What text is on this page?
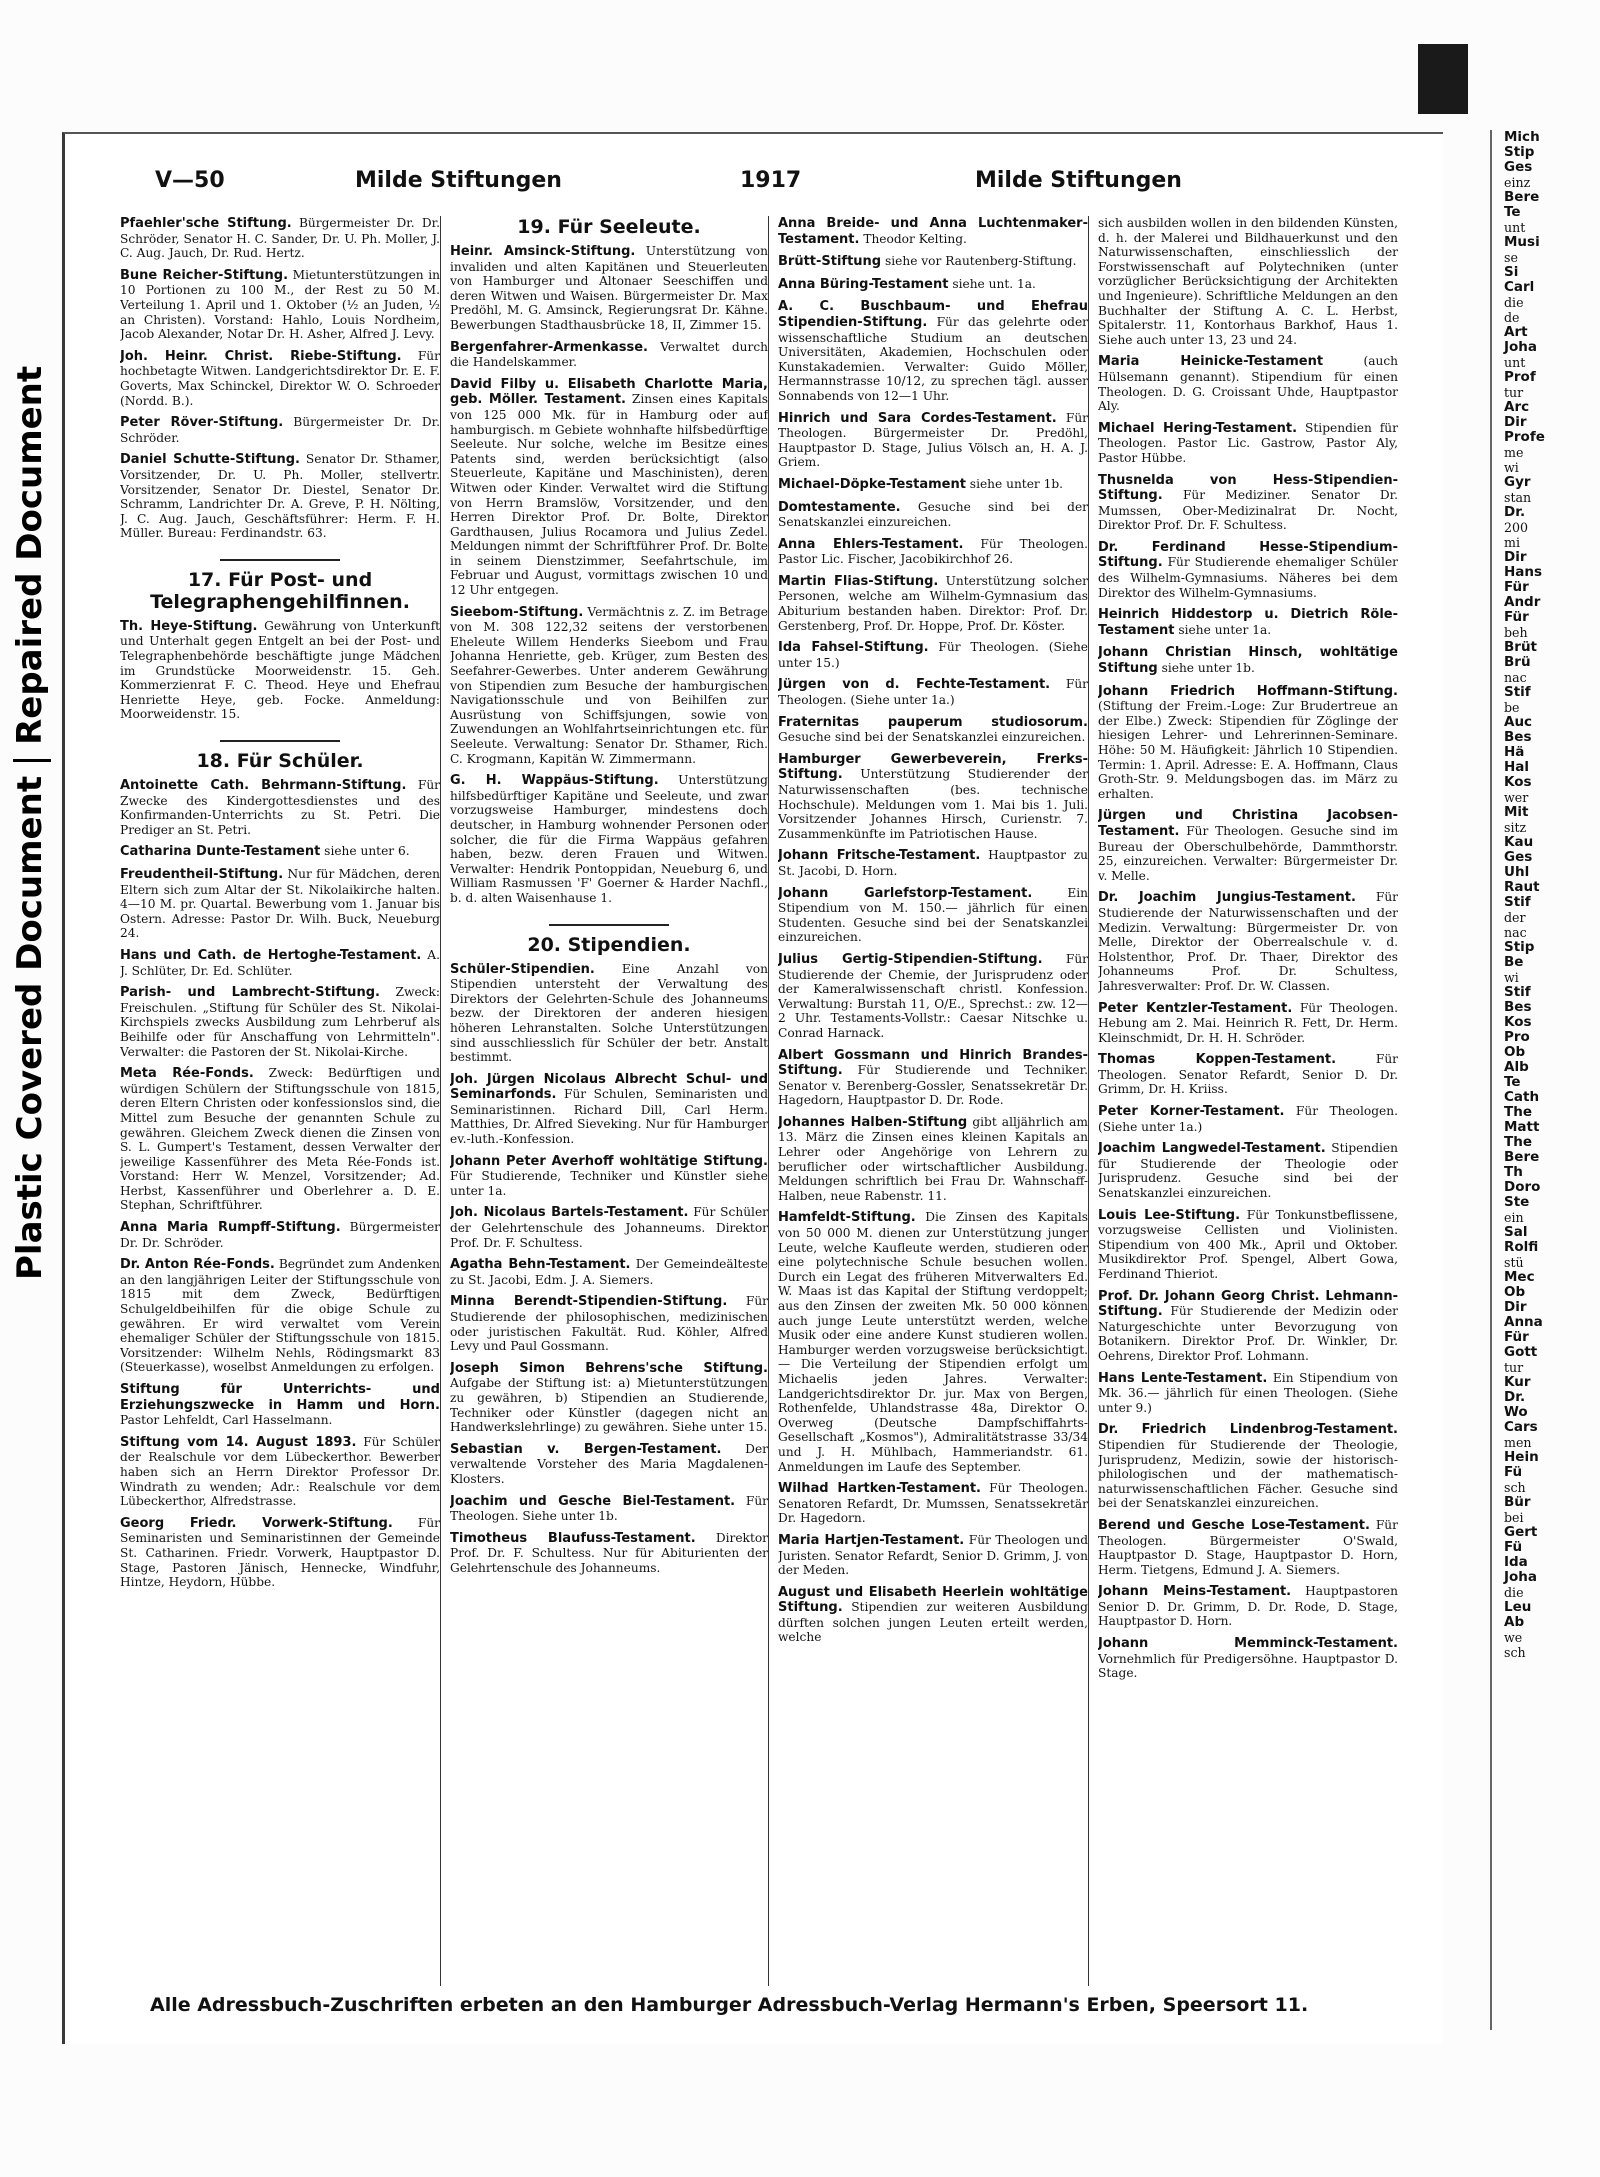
Plastic Covered DocumentRepaired Document
V—50	Milde Stiftungen	1917	Milde Stiftungen

Pfaehler'sche Stiftung. Bürgermeister Dr. Dr. Schröder, Senator H. C. Sander, Dr. U. Ph. Moller, J. C. Aug. Jauch, Dr. Rud. Hertz.

Bune Reicher-Stiftung. Mietunterstützungen in 10 Portionen zu 100 M., der Rest zu 50 M. Verteilung 1. April und 1. Oktober (½ an Juden, ½ an Christen). Vorstand: Hahlo, Louis Nordheim, Jacob Alexander, Notar Dr. H. Asher, Alfred J. Levy.

Joh. Heinr. Christ. Riebe-Stiftung. Für hochbetagte Witwen. Landgerichtsdirektor Dr. E. F. Goverts, Max Schinckel, Direktor W. O. Schroeder (Nordd. B.).

Peter Röver-Stiftung. Bürgermeister Dr. Dr. Schröder.

Daniel Schutte-Stiftung. Senator Dr. Sthamer, Vorsitzender, Dr. U. Ph. Moller, stellvertr. Vorsitzender, Senator Dr. Diestel, Senator Dr. Schramm, Landrichter Dr. A. Greve, P. H. Nölting, J. C. Aug. Jauch, Geschäftsführer: Herm. F. H. Müller. Bureau: Ferdinandstr. 63.

17. Für Post- und Telegraphengehilfinnen.

Th. Heye-Stiftung. Gewährung von Unterkunft und Unterhalt gegen Entgelt an bei der Post- und Telegraphenbehörde beschäftigte junge Mädchen im Grundstücke Moorweidenstr. 15. Geh. Kommerzienrat F. C. Theod. Heye und Ehefrau Henriette Heye, geb. Focke. Anmeldung: Moorweidenstr. 15.

18. Für Schüler.

Antoinette Cath. Behrmann-Stiftung. Für Zwecke des Kindergottesdienstes und des Konfirmanden-Unterrichts zu St. Petri. Die Prediger an St. Petri.

Catharina Dunte-Testament siehe unter 6.

Freudentheil-Stiftung. Nur für Mädchen, deren Eltern sich zum Altar der St. Nikolaikirche halten. 4—10 M. pr. Quartal. Bewerbung vom 1. Januar bis Ostern. Adresse: Pastor Dr. Wilh. Buck, Neueburg 24.

Hans und Cath. de Hertoghe-Testament. A. J. Schlüter, Dr. Ed. Schlüter.

Parish- und Lambrecht-Stiftung. Zweck: Freischulen. „Stiftung für Schüler des St. Nikolai-Kirchspiels zwecks Ausbildung zum Lehrberuf als Beihilfe oder für Anschaffung von Lehrmitteln". Verwalter: die Pastoren der St. Nikolai-Kirche.

Meta Rée-Fonds. Zweck: Bedürftigen und würdigen Schülern der Stiftungsschule von 1815, deren Eltern Christen oder konfessionslos sind, die Mittel zum Besuche der genannten Schule zu gewähren. Gleichem Zweck dienen die Zinsen von S. L. Gumpert's Testament, dessen Verwalter der jeweilige Kassenführer des Meta Rée-Fonds ist. Vorstand: Herr W. Menzel, Vorsitzender; Ad. Herbst, Kassenführer und Oberlehrer a. D. E. Stephan, Schriftführer.

Anna Maria Rumpff-Stiftung. Bürgermeister Dr. Dr. Schröder.

Dr. Anton Rée-Fonds. Begründet zum Andenken an den langjährigen Leiter der Stiftungsschule von 1815 mit dem Zweck, Bedürftigen Schulgeldbeihilfen für die obige Schule zu gewähren. Er wird verwaltet vom Verein ehemaliger Schüler der Stiftungsschule von 1815. Vorsitzender: Wilhelm Nehls, Rödingsmarkt 83 (Steuerkasse), woselbst Anmeldungen zu erfolgen.

Stiftung für Unterrichts- und Erziehungszwecke in Hamm und Horn. Pastor Lehfeldt, Carl Hasselmann.

Stiftung vom 14. August 1893. Für Schüler der Realschule vor dem Lübeckerthor. Bewerber haben sich an Herrn Direktor Professor Dr. Windrath zu wenden; Adr.: Realschule vor dem Lübeckerthor, Alfredstrasse.

Georg Friedr. Vorwerk-Stiftung. Für Seminaristen und Seminaristinnen der Gemeinde St. Catharinen. Friedr. Vorwerk, Hauptpastor D. Stage, Pastoren Jänisch, Hennecke, Windfuhr, Hintze, Heydorn, Hübbe.

19. Für Seeleute.

Heinr. Amsinck-Stiftung. Unterstützung von invaliden und alten Kapitänen und Steuerleuten von Hamburger und Altonaer Seeschiffen und deren Witwen und Waisen. Bürgermeister Dr. Max Predöhl, M. G. Amsinck, Regierungsrat Dr. Kähne. Bewerbungen Stadthausbrücke 18, II, Zimmer 15.

Bergenfahrer-Armenkasse. Verwaltet durch die Handelskammer.

David Filby u. Elisabeth Charlotte Maria, geb. Möller. Testament. Zinsen eines Kapitals von 125 000 Mk. für in Hamburg oder auf hamburgisch. m Gebiete wohnhafte hilfsbedürftige Seeleute. Nur solche, welche im Besitze eines Patents sind, werden berücksichtigt (also Steuerleute, Kapitäne und Maschinisten), deren Witwen oder Kinder. Verwaltet wird die Stiftung von Herrn Bramslöw, Vorsitzender, und den Herren Direktor Prof. Dr. Bolte, Direktor Gardthausen, Julius Rocamora und Julius Zedel. Meldungen nimmt der Schriftführer Prof. Dr. Bolte in seinem Dienstzimmer, Seefahrtschule, im Februar und August, vormittags zwischen 10 und 12 Uhr entgegen.

Sieebom-Stiftung. Vermächtnis z. Z. im Betrage von M. 308 122,32 seitens der verstorbenen Eheleute Willem Henderks Sieebom und Frau Johanna Henriette, geb. Krüger, zum Besten des Seefahrer-Gewerbes. Unter anderem Gewährung von Stipendien zum Besuche der hamburgischen Navigationsschule und von Beihilfen zur Ausrüstung von Schiffsjungen, sowie von Zuwendungen an Wohlfahrtseinrichtungen etc. für Seeleute. Verwaltung: Senator Dr. Sthamer, Rich. C. Krogmann, Kapitän W. Zimmermann.

G. H. Wappäus-Stiftung. Unterstützung hilfsbedürftiger Kapitäne und Seeleute, und zwar vorzugsweise Hamburger, mindestens doch deutscher, in Hamburg wohnender Personen oder solcher, die für die Firma Wappäus gefahren haben, bezw. deren Frauen und Witwen. Verwalter: Hendrik Pontoppidan, Neueburg 6, und William Rasmussen 'F' Goerner & Harder Nachfl., b. d. alten Waisenhause 1.

20. Stipendien.

Schüler-Stipendien. Eine Anzahl von Stipendien untersteht der Verwaltung des Direktors der Gelehrten-Schule des Johanneums bezw. der Direktoren der anderen hiesigen höheren Lehranstalten. Solche Unterstützungen sind ausschliesslich für Schüler der betr. Anstalt bestimmt.

Joh. Jürgen Nicolaus Albrecht Schul- und Seminarfonds. Für Schulen, Seminaristen und Seminaristinnen. Richard Dill, Carl Herm. Matthies, Dr. Alfred Sieveking. Nur für Hamburger ev.-luth.-Konfession.

Johann Peter Averhoff wohltätige Stiftung. Für Studierende, Techniker und Künstler siehe unter 1a.

Joh. Nicolaus Bartels-Testament. Für Schüler der Gelehrtenschule des Johanneums. Direktor Prof. Dr. F. Schultess.

Agatha Behn-Testament. Der Gemeindeälteste zu St. Jacobi, Edm. J. A. Siemers.

Minna Berendt-Stipendien-Stiftung. Für Studierende der philosophischen, medizinischen oder juristischen Fakultät. Rud. Köhler, Alfred Levy und Paul Gossmann.

Joseph Simon Behrens'sche Stiftung. Aufgabe der Stiftung ist: a) Mietunterstützungen zu gewähren, b) Stipendien an Studierende, Techniker oder Künstler (dagegen nicht an Handwerkslehrlinge) zu gewähren. Siehe unter 15.

Sebastian v. Bergen-Testament. Der verwaltende Vorsteher des Maria Magdalenen-Klosters.

Joachim und Gesche Biel-Testament. Für Theologen. Siehe unter 1b.

Timotheus Blaufuss-Testament. Direktor Prof. Dr. F. Schultess. Nur für Abiturienten der Gelehrtenschule des Johanneums.

Anna Breide- und Anna Luchtenmaker-Testament. Theodor Kelting.

Brütt-Stiftung siehe vor Rautenberg-Stiftung.

Anna Büring-Testament siehe unt. 1a.

A. C. Buschbaum- und Ehefrau Stipendien-Stiftung. Für das gelehrte oder wissenschaftliche Studium an deutschen Universitäten, Akademien, Hochschulen oder Kunstakademien. Verwalter: Guido Möller, Hermannstrasse 10/12, zu sprechen tägl. ausser Sonnabends von 12—1 Uhr.

Hinrich und Sara Cordes-Testament. Für Theologen. Bürgermeister Dr. Predöhl, Hauptpastor D. Stage, Julius Völsch an, H. A. J. Griem.

Michael-Döpke-Testament siehe unter 1b.

Domtestamente. Gesuche sind bei der Senatskanzlei einzureichen.

Anna Ehlers-Testament. Für Theologen. Pastor Lic. Fischer, Jacobikirchhof 26.

Martin Flias-Stiftung. Unterstützung solcher Personen, welche am Wilhelm-Gymnasium das Abiturium bestanden haben. Direktor: Prof. Dr. Gerstenberg, Prof. Dr. Hoppe, Prof. Dr. Köster.

Ida Fahsel-Stiftung. Für Theologen. (Siehe unter 15.)

Jürgen von d. Fechte-Testament. Für Theologen. (Siehe unter 1a.)

Fraternitas pauperum studiosorum. Gesuche sind bei der Senatskanzlei einzureichen.

Hamburger Gewerbeverein, Frerks-Stiftung. Unterstützung Studierender der Naturwissenschaften (bes. technische Hochschule). Meldungen vom 1. Mai bis 1. Juli. Vorsitzender Johannes Hirsch, Curienstr. 7. Zusammenkünfte im Patriotischen Hause.

Johann Fritsche-Testament. Hauptpastor zu St. Jacobi, D. Horn.

Johann Garlefstorp-Testament. Ein Stipendium von M. 150.— jährlich für einen Studenten. Gesuche sind bei der Senatskanzlei einzureichen.

Julius Gertig-Stipendien-Stiftung. Für Studierende der Chemie, der Jurisprudenz oder der Kameralwissenschaft christl. Konfession. Verwaltung: Burstah 11, O/E., Sprechst.: zw. 12—2 Uhr. Testaments-Vollstr.: Caesar Nitschke u. Conrad Harnack.

Albert Gossmann und Hinrich Brandes-Stiftung. Für Studierende und Techniker. Senator v. Berenberg-Gossler, Senatssekretär Dr. Hagedorn, Hauptpastor D. Dr. Rode.

Johannes Halben-Stiftung gibt alljährlich am 13. März die Zinsen eines kleinen Kapitals an Lehrer oder Angehörige von Lehrern zu beruflicher oder wirtschaftlicher Ausbildung. Meldungen schriftlich bei Frau Dr. Wahnschaff-Halben, neue Rabenstr. 11.

Hamfeldt-Stiftung. Die Zinsen des Kapitals von 50 000 M. dienen zur Unterstützung junger Leute, welche Kaufleute werden, studieren oder eine polytechnische Schule besuchen wollen. Durch ein Legat des früheren Mitverwalters Ed. W. Maas ist das Kapital der Stiftung verdoppelt; aus den Zinsen der zweiten Mk. 50 000 können auch junge Leute unterstützt werden, welche Musik oder eine andere Kunst studieren wollen. Hamburger werden vorzugsweise berücksichtigt. — Die Verteilung der Stipendien erfolgt um Michaelis jeden Jahres. Verwalter: Landgerichtsdirektor Dr. jur. Max von Bergen, Rothenfelde, Uhlandstrasse 48a, Direktor O. Overweg (Deutsche Dampfschiffahrts-Gesellschaft „Kosmos"), Admiralitätstrasse 33/34 und J. H. Mühlbach, Hammeriandstr. 61. Anmeldungen im Laufe des September.

Wilhad Hartken-Testament. Für Theologen. Senatoren Refardt, Dr. Mumssen, Senatssekretär Dr. Hagedorn.

Maria Hartjen-Testament. Für Theologen und Juristen. Senator Refardt, Senior D. Grimm, J. von der Meden.

August und Elisabeth Heerlein wohltätige Stiftung. Stipendien zur weiteren Ausbildung dürften solchen jungen Leuten erteilt werden, welche

sich ausbilden wollen in den bildenden Künsten, d. h. der Malerei und Bildhauerkunst und den Naturwissenschaften, einschliesslich der Forstwissenschaft auf Polytechniken (unter vorzüglicher Berücksichtigung der Architekten und Ingenieure). Schriftliche Meldungen an den Buchhalter der Stiftung A. C. L. Herbst, Spitalerstr. 11, Kontorhaus Barkhof, Haus 1. Siehe auch unter 13, 23 und 24.

Maria Heinicke-Testament (auch Hülsemann genannt). Stipendium für einen Theologen. D. G. Croissant Uhde, Hauptpastor Aly.

Michael Hering-Testament. Stipendien für Theologen. Pastor Lic. Gastrow, Pastor Aly, Pastor Hübbe.

Thusnelda von Hess-Stipendien-Stiftung. Für Mediziner. Senator Dr. Mumssen, Ober-Medizinalrat Dr. Nocht, Direktor Prof. Dr. F. Schultess.

Dr. Ferdinand Hesse-Stipendium-Stiftung. Für Studierende ehemaliger Schüler des Wilhelm-Gymnasiums. Näheres bei dem Direktor des Wilhelm-Gymnasiums.

Heinrich Hiddestorp u. Dietrich Röle-Testament siehe unter 1a.

Johann Christian Hinsch, wohltätige Stiftung siehe unter 1b.

Johann Friedrich Hoffmann-Stiftung. (Stiftung der Freim.-Loge: Zur Brudertreue an der Elbe.) Zweck: Stipendien für Zöglinge der hiesigen Lehrer- und Lehrerinnen-Seminare. Höhe: 50 M. Häufigkeit: Jährlich 10 Stipendien. Termin: 1. April. Adresse: E. A. Hoffmann, Claus Groth-Str. 9. Meldungsbogen das. im März zu erhalten.

Jürgen und Christina Jacobsen-Testament. Für Theologen. Gesuche sind im Bureau der Oberschulbehörde, Dammthorstr. 25, einzureichen. Verwalter: Bürgermeister Dr. v. Melle.

Dr. Joachim Jungius-Testament. Für Studierende der Naturwissenschaften und der Medizin. Verwaltung: Bürgermeister Dr. von Melle, Direktor der Oberrealschule v. d. Holstenthor, Prof. Dr. Thaer, Direktor des Johanneums Prof. Dr. Schultess, Jahresverwalter: Prof. Dr. W. Classen.

Peter Kentzler-Testament. Für Theologen. Hebung am 2. Mai. Heinrich R. Fett, Dr. Herm. Kleinschmidt, Dr. H. H. Schröder.

Thomas Koppen-Testament. Für Theologen. Senator Refardt, Senior D. Dr. Grimm, Dr. H. Kriiss.

Peter Korner-Testament. Für Theologen. (Siehe unter 1a.)

Joachim Langwedel-Testament. Stipendien für Studierende der Theologie oder Jurisprudenz. Gesuche sind bei der Senatskanzlei einzureichen.

Louis Lee-Stiftung. Für Tonkunstbeflissene, vorzugsweise Cellisten und Violinisten. Stipendium von 400 Mk., April und Oktober. Musikdirektor Prof. Spengel, Albert Gowa, Ferdinand Thieriot.

Prof. Dr. Johann Georg Christ. Lehmann-Stiftung. Für Studierende der Medizin oder Naturgeschichte unter Bevorzugung von Botanikern. Direktor Prof. Dr. Winkler, Dr. Oehrens, Direktor Prof. Lohmann.

Hans Lente-Testament. Ein Stipendium von Mk. 36.— jährlich für einen Theologen. (Siehe unter 9.)

Dr. Friedrich Lindenbrog-Testament. Stipendien für Studierende der Theologie, Jurisprudenz, Medizin, sowie der historisch-philologischen und der mathematisch-naturwissenschaftlichen Fächer. Gesuche sind bei der Senatskanzlei einzureichen.

Berend und Gesche Lose-Testament. Für Theologen. Bürgermeister O'Swald, Hauptpastor D. Stage, Hauptpastor D. Horn, Herm. Tietgens, Edmund J. A. Siemers.

Johann Meins-Testament. Hauptpastoren Senior D. Dr. Grimm, D. Dr. Rode, D. Stage, Hauptpastor D. Horn.

Johann Memminck-Testament. Vornehmlich für Predigersöhne. Hauptpastor D. Stage.

Alle Adressbuch-Zuschriften erbeten an den Hamburger Adressbuch-Verlag Hermann's Erben, Speersort 11.
Mich
Stip
Ges
einz
Bere
Te
unt
Musi
se
Si
Carl
die
de
Art
Joha
unt
Prof
tur
Arc
Dir
Profe
me
wi
Gyr
stan
Dr.
200
mi
Dir
Hans
Für
Andr
Für
beh
Brüt
Brü
nac
Stif
be
Auc
Bes
Hä
Hal
Kos
wer
Mit
sitz
Kau
Ges
Uhl
Raut
Stif
der
nac
Stip
Be
wi
Stif
Bes
Kos
Pro
Ob
Alb
Te
Cath
The
Matt
The
Bere
Th
Doro
Ste
ein
Sal
Rolfi
stü
Mec
Ob
Dir
Anna
Für
Gott
tur
Kur
Dr.
Wo
Cars
men
Hein
Fü
sch
Bür
bei
Gert
Fü
Ida
Joha
die
Leu
Ab
we
sch
